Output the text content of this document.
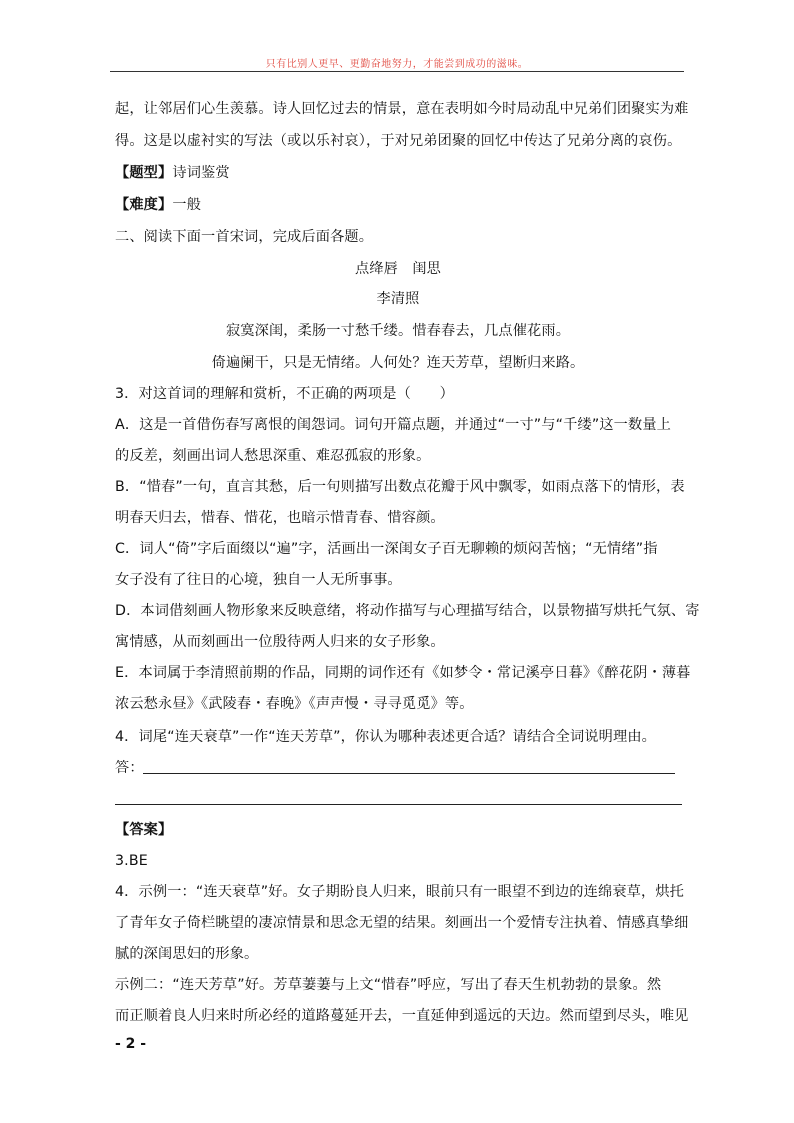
只有比别人更早、更勤奋地努力，才能尝到成功的滋味。
起，让邻居们心生羡慕。诗人回忆过去的情景，意在表明如今时局动乱中兄弟们团聚实为难
得。这是以虚衬实的写法（或以乐衬哀），于对兄弟团聚的回忆中传达了兄弟分离的哀伤。
【题型】诗词鉴赏
【难度】一般
二、阅读下面一首宋词，完成后面各题。
点绛唇　闺思
李清照
寂寞深闺，柔肠一寸愁千缕。惜春春去，几点催花雨。
倚遍阑干，只是无情绪。人何处？连天芳草，望断归来路。
3．对这首词的理解和赏析，不正确的两项是（　　）
A．这是一首借伤春写离恨的闺怨词。词句开篇点题，并通过“一寸”与“千缕”这一数量上
的反差，刻画出词人愁思深重、难忍孤寂的形象。
B．“惜春”一句，直言其愁，后一句则描写出数点花瓣于风中飘零，如雨点落下的情形，表
明春天归去，惜春、惜花，也暗示惜青春、惜容颜。
C．词人“倚”字后面缀以“遍”字，活画出一深闺女子百无聊赖的烦闷苦恼；“无情绪”指
女子没有了往日的心境，独自一人无所事事。
D．本词借刻画人物形象来反映意绪，将动作描写与心理描写结合，以景物描写烘托气氛、寄
寓情感，从而刻画出一位殷待两人归来的女子形象。
E．本词属于李清照前期的作品，同期的词作还有《如梦令・常记溪亭日暮》《醉花阴・薄暮
浓云愁永昼》《武陵春・春晚》《声声慢・寻寻觅觅》等。
4．词尾“连天衰草”一作“连天芳草”，你认为哪种表述更合适？请结合全词说明理由。
答：
【答案】
3.BE
4．示例一：“连天衰草”好。女子期盼良人归来，眼前只有一眼望不到边的连绵衰草，烘托
了青年女子倚栏眺望的凄凉情景和思念无望的结果。刻画出一个爱情专注执着、情感真挚细
腻的深闺思妇的形象。
示例二：“连天芳草”好。芳草萋萋与上文“惜春”呼应，写出了春天生机勃勃的景象。然
而正顺着良人归来时所必经的道路蔓延开去，一直延伸到遥远的天边。然而望到尽头，唯见
- 2 -
